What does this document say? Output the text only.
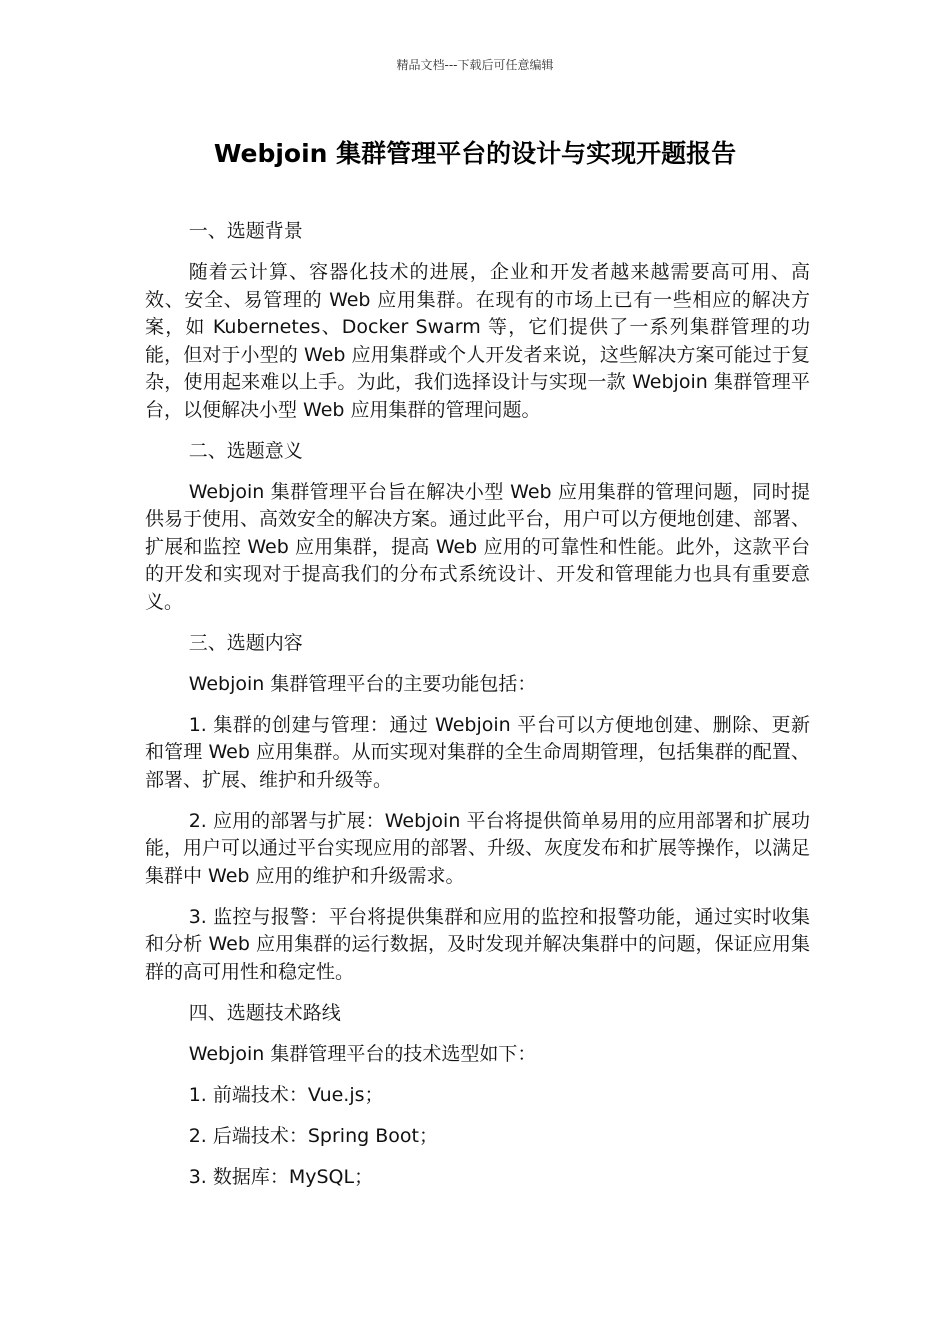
精品文档---下载后可任意编辑
Webjoin 集群管理平台的设计与实现开题报告

一、选题背景

随着云计算、容器化技术的进展，企业和开发者越来越需要高可用、高效、安全、易管理的 Web 应用集群。在现有的市场上已有一些相应的解决方案，如 Kubernetes、Docker Swarm 等，它们提供了一系列集群管理的功能，但对于小型的 Web 应用集群或个人开发者来说，这些解决方案可能过于复杂，使用起来难以上手。为此，我们选择设计与实现一款 Webjoin 集群管理平台，以便解决小型 Web 应用集群的管理问题。

二、选题意义

Webjoin 集群管理平台旨在解决小型 Web 应用集群的管理问题，同时提供易于使用、高效安全的解决方案。通过此平台，用户可以方便地创建、部署、扩展和监控 Web 应用集群，提高 Web 应用的可靠性和性能。此外，这款平台的开发和实现对于提高我们的分布式系统设计、开发和管理能力也具有重要意义。

三、选题内容

Webjoin 集群管理平台的主要功能包括：

1. 集群的创建与管理：通过 Webjoin 平台可以方便地创建、删除、更新和管理 Web 应用集群。从而实现对集群的全生命周期管理，包括集群的配置、部署、扩展、维护和升级等。

2. 应用的部署与扩展：Webjoin 平台将提供简单易用的应用部署和扩展功能，用户可以通过平台实现应用的部署、升级、灰度发布和扩展等操作，以满足集群中 Web 应用的维护和升级需求。

3. 监控与报警：平台将提供集群和应用的监控和报警功能，通过实时收集和分析 Web 应用集群的运行数据，及时发现并解决集群中的问题，保证应用集群的高可用性和稳定性。

四、选题技术路线

Webjoin 集群管理平台的技术选型如下：

1. 前端技术：Vue.js；

2. 后端技术：Spring Boot；

3. 数据库：MySQL；
